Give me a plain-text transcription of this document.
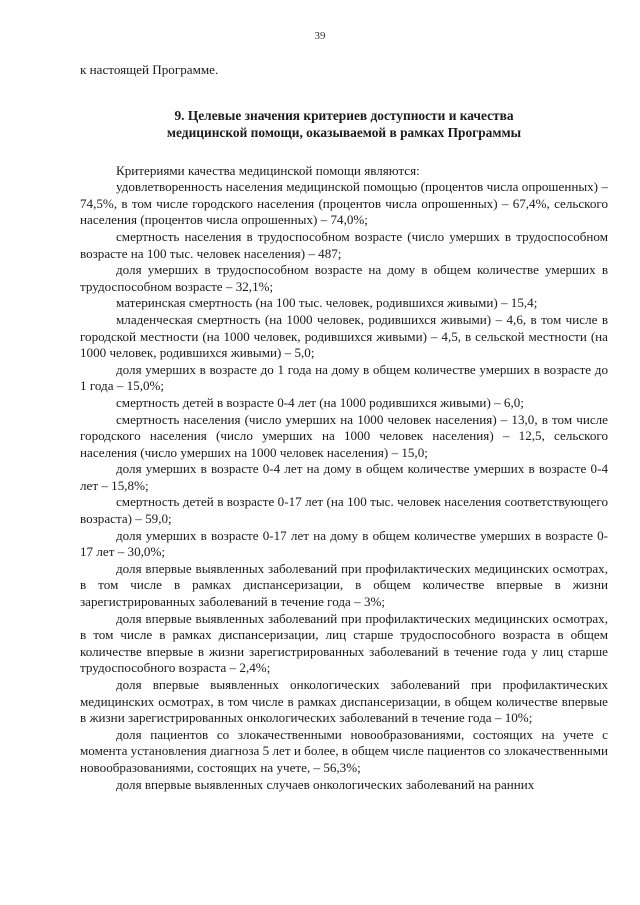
39

к настоящей Программе.

9. Целевые значения критериев доступности и качества
медицинской помощи, оказываемой в рамках Программы

Критериями качества медицинской помощи являются:

удовлетворенность населения медицинской помощью (процентов числа опрошенных) – 74,5%, в том числе городского населения (процентов числа опрошенных) – 67,4%, сельского населения (процентов числа опрошенных) – 74,0%;

смертность населения в трудоспособном возрасте (число умерших в трудоспособном возрасте на 100 тыс. человек населения) – 487;

доля умерших в трудоспособном возрасте на дому в общем количестве умерших в трудоспособном возрасте – 32,1%;

материнская смертность (на 100 тыс. человек, родившихся живыми) – 15,4;

младенческая смертность (на 1000 человек, родившихся живыми) – 4,6, в том числе в городской местности (на 1000 человек, родившихся живыми) – 4,5, в сельской местности (на 1000 человек, родившихся живыми) – 5,0;

доля умерших в возрасте до 1 года на дому в общем количестве умерших в возрасте до 1 года – 15,0%;

смертность детей в возрасте 0-4 лет (на 1000 родившихся живыми) – 6,0;

смертность населения (число умерших на 1000 человек населения) – 13,0, в том числе городского населения (число умерших на 1000 человек населения) – 12,5, сельского населения (число умерших на 1000 человек населения) – 15,0;

доля умерших в возрасте 0-4 лет на дому в общем количестве умерших в возрасте 0-4 лет – 15,8%;

смертность детей в возрасте 0-17 лет (на 100 тыс. человек населения соответствующего возраста) – 59,0;

доля умерших в возрасте 0-17 лет на дому в общем количестве умерших в возрасте 0-17 лет – 30,0%;

доля впервые выявленных заболеваний при профилактических медицинских осмотрах, в том числе в рамках диспансеризации, в общем количестве впервые в жизни зарегистрированных заболеваний в течение года – 3%;

доля впервые выявленных заболеваний при профилактических медицинских осмотрах, в том числе в рамках диспансеризации, лиц старше трудоспособного возраста в общем количестве впервые в жизни зарегистрированных заболеваний в течение года у лиц старше трудоспособного возраста – 2,4%;

доля впервые выявленных онкологических заболеваний при профилактических медицинских осмотрах, в том числе в рамках диспансеризации, в общем количестве впервые в жизни зарегистрированных онкологических заболеваний в течение года – 10%;

доля пациентов со злокачественными новообразованиями, состоящих на учете с момента установления диагноза 5 лет и более, в общем числе пациентов со злокачественными новообразованиями, состоящих на учете, – 56,3%;

доля впервые выявленных случаев онкологических заболеваний на ранних
